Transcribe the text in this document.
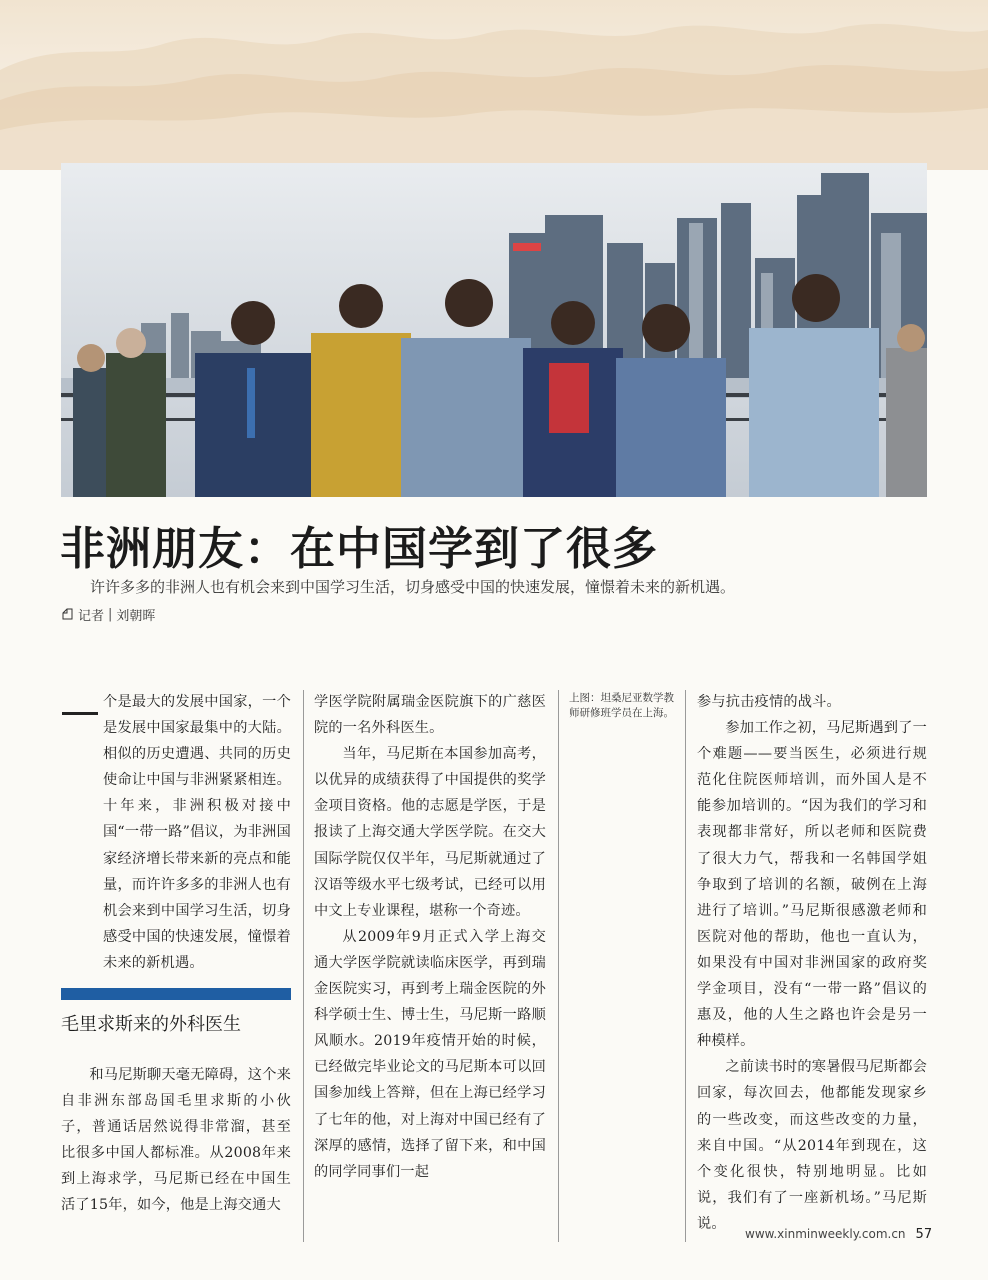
非洲朋友：在中国学到了很多
许许多多的非洲人也有机会来到中国学习生活，切身感受中国的快速发展，憧憬着未来的新机遇。
记者 | 刘朝晖

个是最大的发展中国家，一个是发展中国家最集中的大陆。相似的历史遭遇、共同的历史使命让中国与非洲紧紧相连。十年来，非洲积极对接中国“一带一路”倡议，为非洲国家经济增长带来新的亮点和能量，而许许多多的非洲人也有机会来到中国学习生活，切身感受中国的快速发展，憧憬着未来的新机遇。

毛里求斯来的外科医生

和马尼斯聊天毫无障碍，这个来自非洲东部岛国毛里求斯的小伙子，普通话居然说得非常溜，甚至比很多中国人都标准。从2008年来到上海求学，马尼斯已经在中国生活了15年，如今，他是上海交通大

学医学院附属瑞金医院旗下的广慈医院的一名外科医生。

当年，马尼斯在本国参加高考，以优异的成绩获得了中国提供的奖学金项目资格。他的志愿是学医，于是报读了上海交通大学医学院。在交大国际学院仅仅半年，马尼斯就通过了汉语等级水平七级考试，已经可以用中文上专业课程，堪称一个奇迹。

从2009年9月正式入学上海交通大学医学院就读临床医学，再到瑞金医院实习，再到考上瑞金医院的外科学硕士生、博士生，马尼斯一路顺风顺水。2019年疫情开始的时候，已经做完毕业论文的马尼斯本可以回国参加线上答辩，但在上海已经学习了七年的他，对上海对中国已经有了深厚的感情，选择了留下来，和中国的同学同事们一起

上图：坦桑尼亚数学教师研修班学员在上海。

参与抗击疫情的战斗。

参加工作之初，马尼斯遇到了一个难题——要当医生，必须进行规范化住院医师培训，而外国人是不能参加培训的。“因为我们的学习和表现都非常好，所以老师和医院费了很大力气，帮我和一名韩国学姐争取到了培训的名额，破例在上海进行了培训。”马尼斯很感激老师和医院对他的帮助，他也一直认为，如果没有中国对非洲国家的政府奖学金项目，没有“一带一路”倡议的惠及，他的人生之路也许会是另一种模样。

之前读书时的寒暑假马尼斯都会回家，每次回去，他都能发现家乡的一些改变，而这些改变的力量，来自中国。“从2014年到现在，这个变化很快，特别地明显。比如说，我们有了一座新机场。”马尼斯说。

www.xinminweekly.com.cn 57
